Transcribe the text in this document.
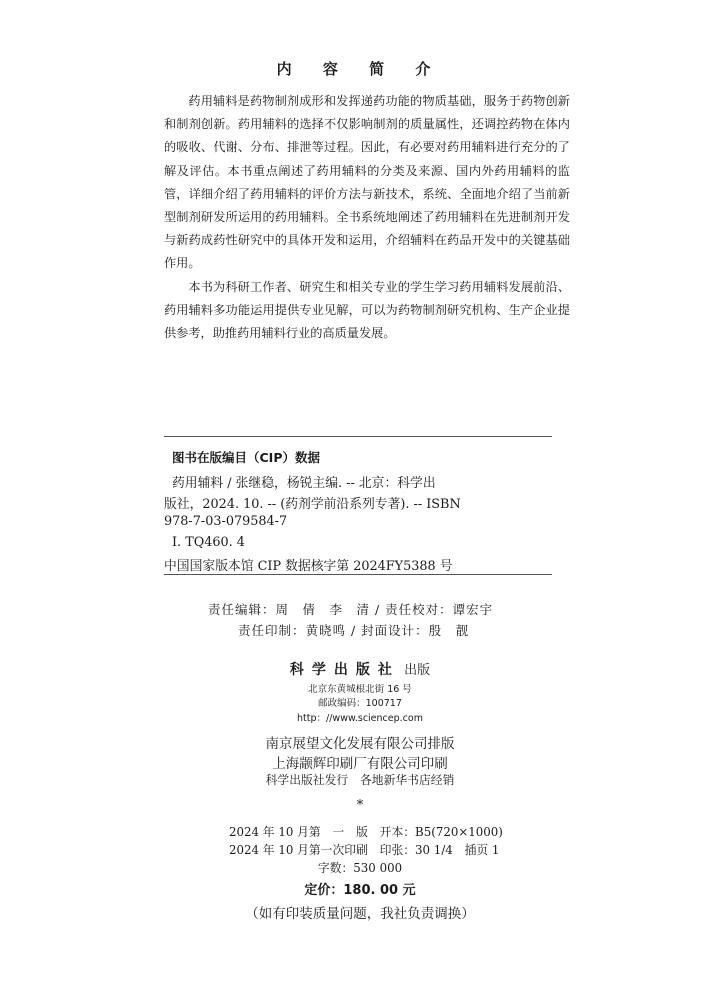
内 容 简 介

药用辅料是药物制剂成形和发挥递药功能的物质基础，服务于药物创新和制剂创新。药用辅料的选择不仅影响制剂的质量属性，还调控药物在体内的吸收、代谢、分布、排泄等过程。因此，有必要对药用辅料进行充分的了解及评估。本书重点阐述了药用辅料的分类及来源、国内外药用辅料的监管，详细介绍了药用辅料的评价方法与新技术，系统、全面地介绍了当前新型制剂研发所运用的药用辅料。全书系统地阐述了药用辅料在先进制剂开发与新药成药性研究中的具体开发和运用，介绍辅料在药品开发中的关键基础作用。

本书为科研工作者、研究生和相关专业的学生学习药用辅料发展前沿、药用辅料多功能运用提供专业见解，可以为药物制剂研究机构、生产企业提供参考，助推药用辅料行业的高质量发展。

图书在版编目（CIP）数据
药用辅料 / 张继稳，杨锐主编. -- 北京：科学出
版社，2024. 10. -- (药剂学前沿系列专著). -- ISBN
978-7-03-079584-7
Ⅰ. TQ460. 4
中国国家版本馆 CIP 数据核字第 2024FY5388 号
责任编辑：周　倩　李　清 / 责任校对：谭宏宇
责任印制：黄晓鸣 / 封面设计：殷　靓
科学出版社 出版
北京东黄城根北街 16 号
邮政编码：100717
http：//www.sciencep.com
南京展望文化发展有限公司排版
上海颛辉印刷厂有限公司印刷
科学出版社发行　各地新华书店经销
*
2024 年 10 月第　一　版　开本：B5(720×1000)
2024 年 10 月第一次印刷　印张：30 1/4　插页 1
字数：530 000
定价：180. 00 元
（如有印装质量问题，我社负责调换）
